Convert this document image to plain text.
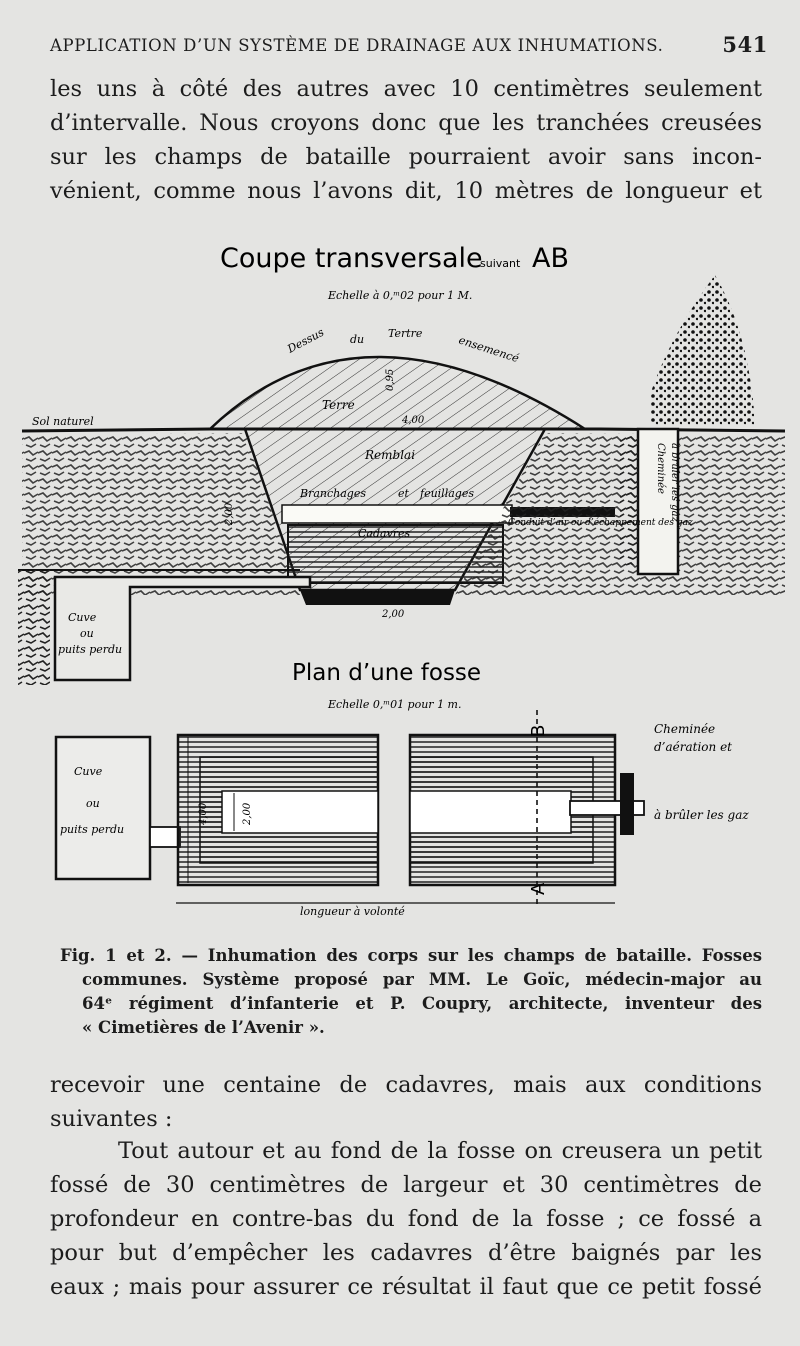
APPLICATION D’UN SYSTÈME DE DRAINAGE AUX INHUMATIONS.	541
les uns à côté des autres avec 10 centimètres seulement
d’intervalle. Nous croyons donc que les tranchées creusées
sur les champs de bataille pourraient avoir sans incon-
vénient, comme nous l’avons dit, 10 mètres de longueur et
Coupe transversale
suivant AB
Echelle à 0,ᵐ02 pour 1 M.
Dessus du Tertre	ensemencé
Terre
0,95
4,00
Sol naturel
Remblai
Branchages	et feuillages
Conduit d’air ou d’échappement des gaz
Cadavres
2,00
2,00
Cuve
ou
puits perdu
Cheminée à brûler les gaz
Plan d’une fosse
Echelle 0,ᵐ01 pour 1 m.
Cuve
ou
puits perdu
4,00	2,00
A
B	Cheminée
d’aération et
à brûler les gaz
longueur à volonté
Fig. 1 et 2. — Inhumation des corps sur les champs de bataille. Fosses
communes. Système proposé par MM. Le Goïc, médecin-major au
64ᵉ régiment d’infanterie et P. Coupry, architecte, inventeur des
« Cimetières de l’Avenir ».
recevoir une centaine de cadavres, mais aux conditions
suivantes :
Tout autour et au fond de la fosse on creusera un petit
fossé de 30 centimètres de largeur et 30 centimètres de
profondeur en contre-bas du fond de la fosse ; ce fossé a
pour but d’empêcher les cadavres d’être baignés par les
eaux ; mais pour assurer ce résultat il faut que ce petit fossé
